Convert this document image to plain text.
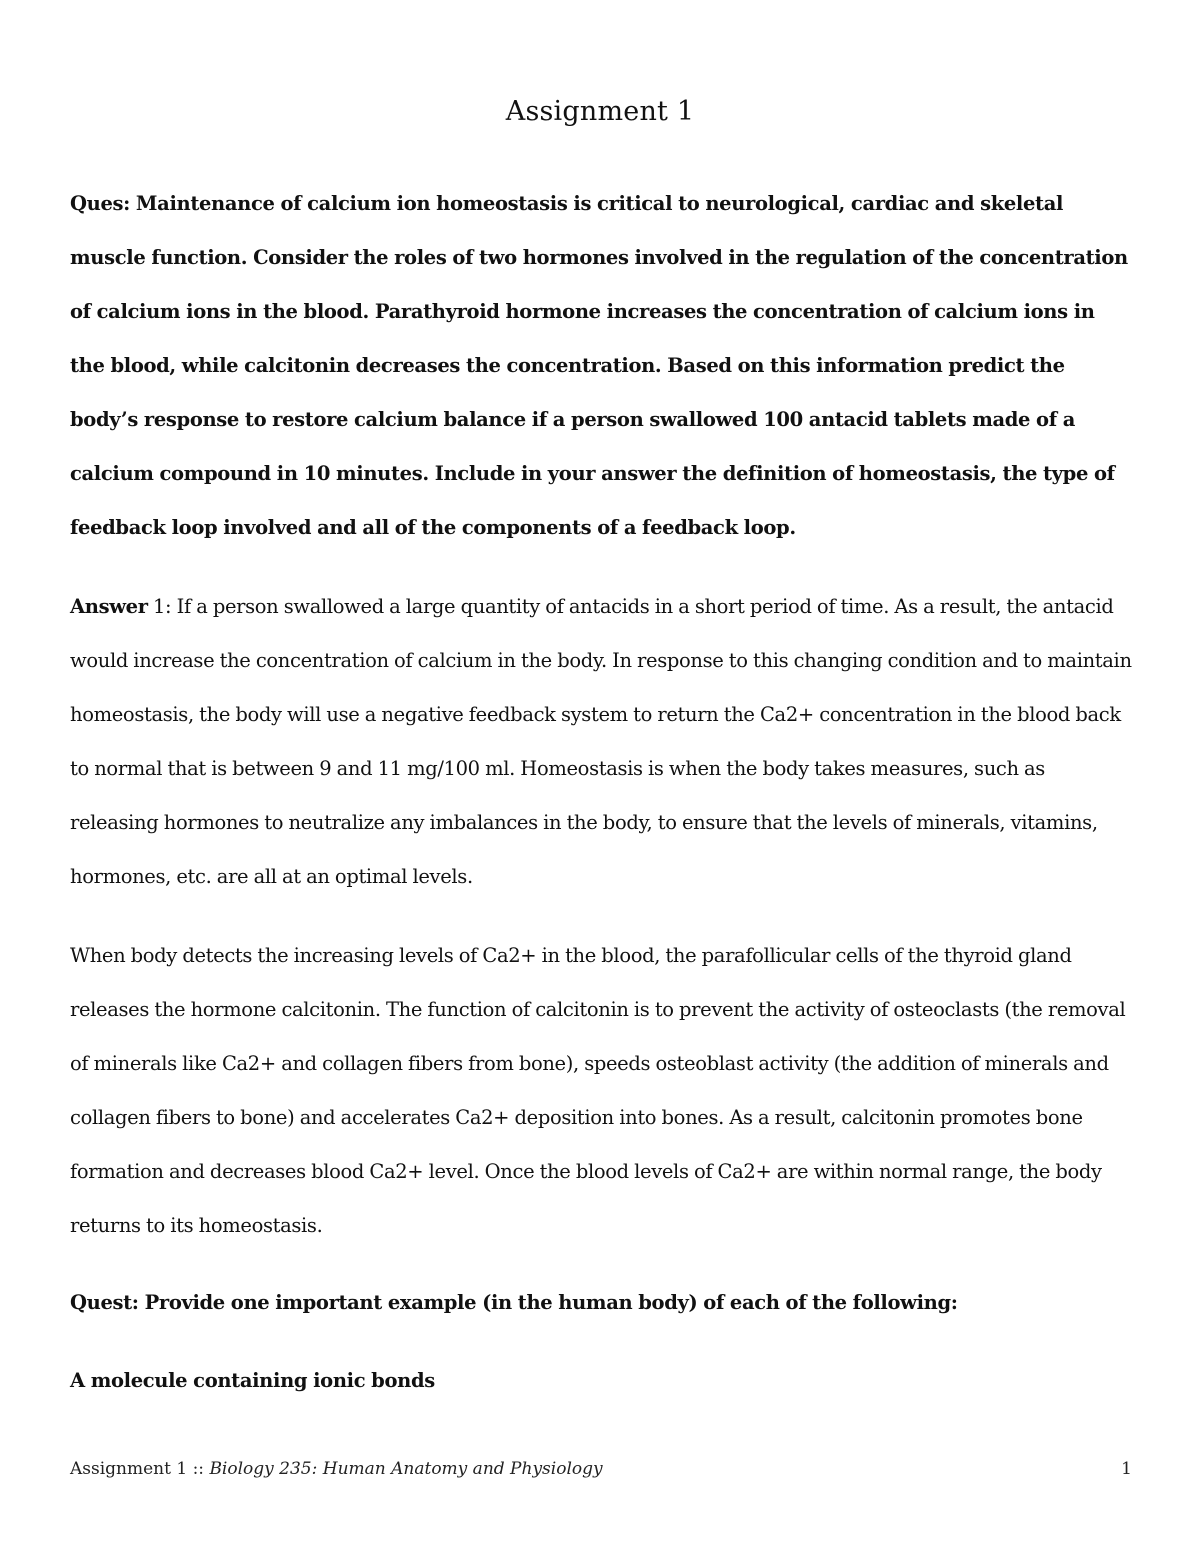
Assignment 1

Ques: Maintenance of calcium ion homeostasis is critical to neurological, cardiac and skeletal muscle function. Consider the roles of two hormones involved in the regulation of the concentration of calcium ions in the blood. Parathyroid hormone increases the concentration of calcium ions in the blood, while calcitonin decreases the concentration. Based on this information predict the body’s response to restore calcium balance if a person swallowed 100 antacid tablets made of a calcium compound in 10 minutes. Include in your answer the definition of homeostasis, the type of feedback loop involved and all of the components of a feedback loop.

Answer 1: If a person swallowed a large quantity of antacids in a short period of time. As a result, the antacid would increase the concentration of calcium in the body. In response to this changing condition and to maintain homeostasis, the body will use a negative feedback system to return the Ca2+ concentration in the blood back to normal that is between 9 and 11 mg/100 ml. Homeostasis is when the body takes measures, such as releasing hormones to neutralize any imbalances in the body, to ensure that the levels of minerals, vitamins, hormones, etc. are all at an optimal levels.

When body detects the increasing levels of Ca2+ in the blood, the parafollicular cells of the thyroid gland releases the hormone calcitonin. The function of calcitonin is to prevent the activity of osteoclasts (the removal of minerals like Ca2+ and collagen fibers from bone), speeds osteoblast activity (the addition of minerals and collagen fibers to bone) and accelerates Ca2+ deposition into bones. As a result, calcitonin promotes bone formation and decreases blood Ca2+ level. Once the blood levels of Ca2+ are within normal range, the body returns to its homeostasis.

Quest: Provide one important example (in the human body) of each of the following:

A molecule containing ionic bonds

Assignment 1 :: Biology 235: Human Anatomy and Physiology	1
